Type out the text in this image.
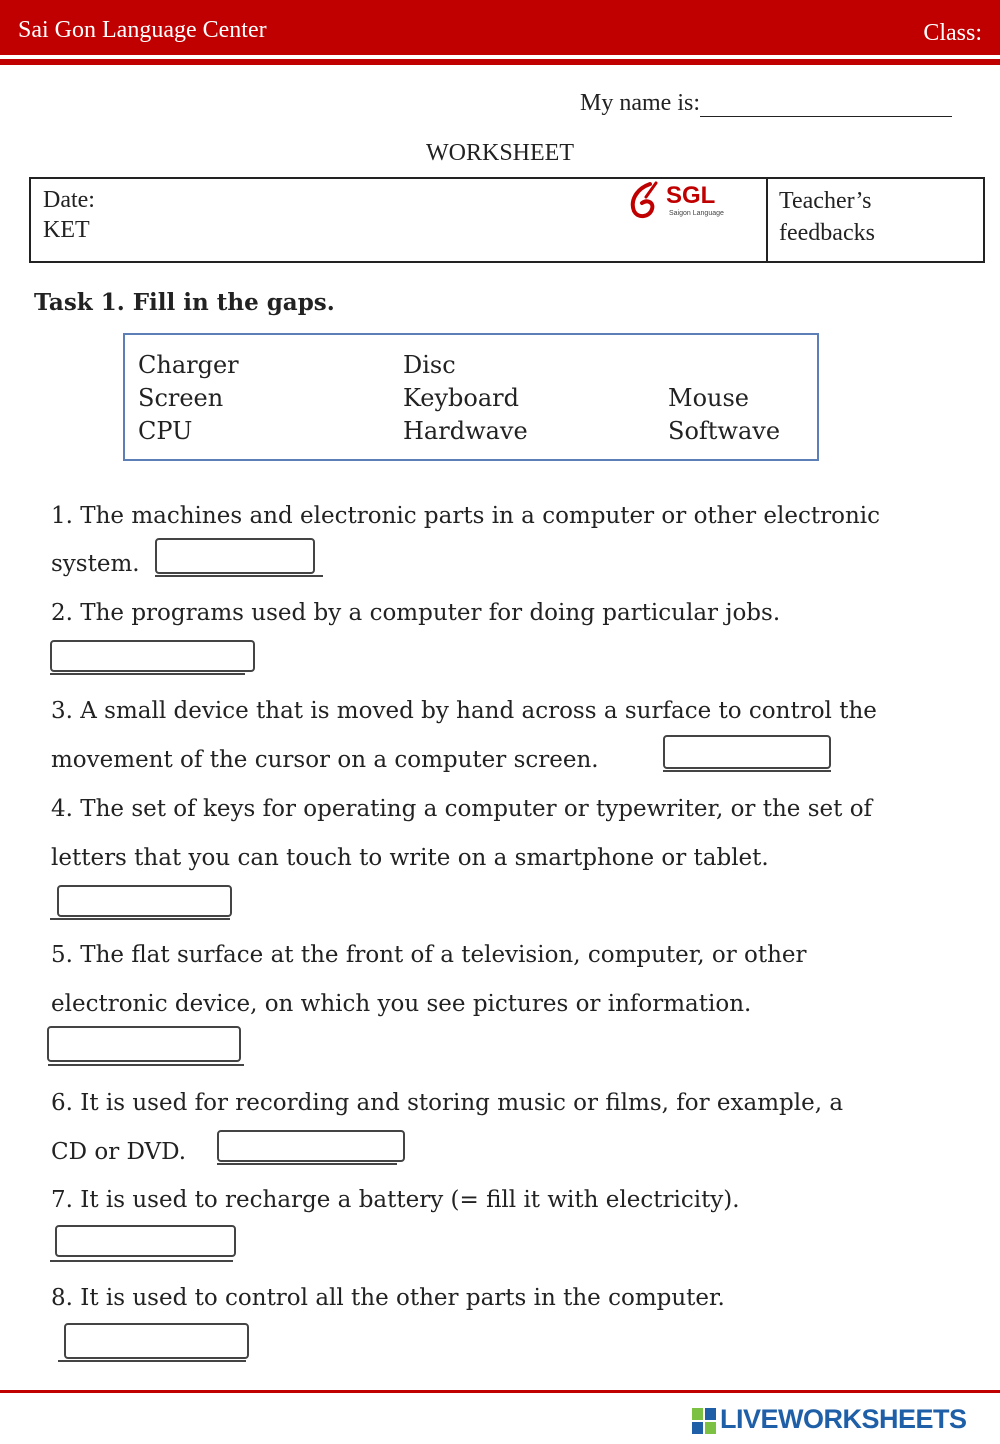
Sai Gon Language Center	Class:
My name is:
WORKSHEET
Date:
KET
SGL
Saigon Language Teacher’s
feedbacks
Task 1. Fill in the gaps.
Charger	Disc
Screen	Keyboard	Mouse
CPU	Hardwave	Softwave
1. The machines and electronic parts in a computer or other electronic
system.
2. The programs used by a computer for doing particular jobs.
3. A small device that is moved by hand across a surface to control the
movement of the cursor on a computer screen.
4. The set of keys for operating a computer or typewriter, or the set of
letters that you can touch to write on a smartphone or tablet.
5. The flat surface at the front of a television, computer, or other
electronic device, on which you see pictures or information.
6. It is used for recording and storing music or films, for example, a
CD or DVD.
7. It is used to recharge a battery (= fill it with electricity).
8. It is used to control all the other parts in the computer.
LIVEWORKSHEETS
